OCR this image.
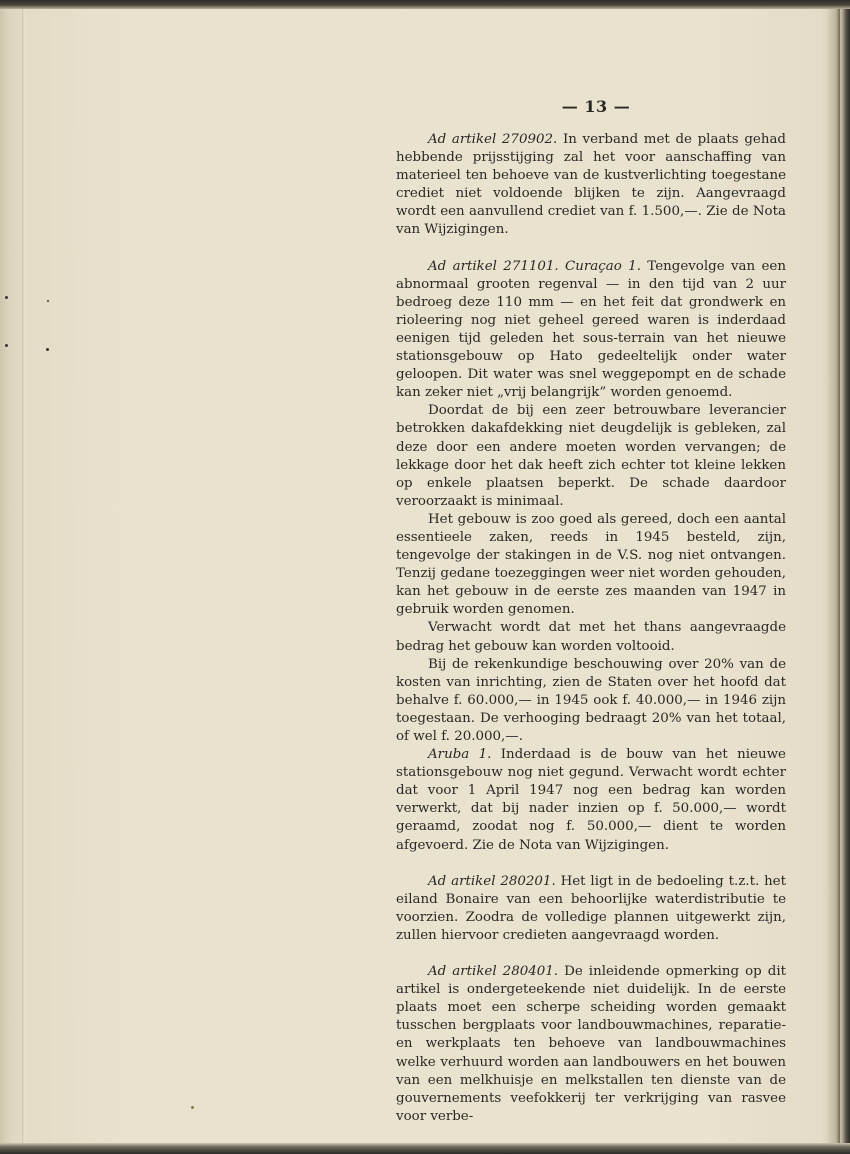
— 13 —

Ad artikel 270902. In verband met de plaats gehad hebbende prijsstijging zal het voor aanschaffing van materieel ten behoeve van de kustverlichting toegestane crediet niet voldoende blijken te zijn. Aangevraagd wordt een aanvullend crediet van f. 1.500,—. Zie de Nota van Wijzigingen.

Ad artikel 271101. Curaçao 1. Tengevolge van een abnormaal grooten regenval — in den tijd van 2 uur bedroeg deze 110 mm — en het feit dat grondwerk en rioleering nog niet geheel gereed waren is inderdaad eenigen tijd geleden het sous-terrain van het nieuwe stationsgebouw op Hato gedeeltelijk onder water geloopen. Dit water was snel weggepompt en de schade kan zeker niet „vrij belangrijk” worden genoemd.

Doordat de bij een zeer betrouwbare leverancier betrokken dakafdekking niet deugdelijk is gebleken, zal deze door een andere moeten worden vervangen; de lekkage door het dak heeft zich echter tot kleine lekken op enkele plaatsen beperkt. De schade daardoor veroorzaakt is minimaal.

Het gebouw is zoo goed als gereed, doch een aantal essentieele zaken, reeds in 1945 besteld, zijn, tengevolge der stakingen in de V.S. nog niet ontvangen. Tenzij gedane toezeggingen weer niet worden gehouden, kan het gebouw in de eerste zes maanden van 1947 in gebruik worden genomen.

Verwacht wordt dat met het thans aangevraagde bedrag het gebouw kan worden voltooid.

Bij de rekenkundige beschouwing over 20% van de kosten van inrichting, zien de Staten over het hoofd dat behalve f. 60.000,— in 1945 ook f. 40.000,— in 1946 zijn toegestaan. De verhooging bedraagt 20% van het totaal, of wel f. 20.000,—.

Aruba 1. Inderdaad is de bouw van het nieuwe stationsgebouw nog niet gegund. Verwacht wordt echter dat voor 1 April 1947 nog een bedrag kan worden verwerkt, dat bij nader inzien op f. 50.000,— wordt geraamd, zoodat nog f. 50.000,— dient te worden afgevoerd. Zie de Nota van Wijzigingen.

Ad artikel 280201. Het ligt in de bedoeling t.z.t. het eiland Bonaire van een behoorlijke waterdistributie te voorzien. Zoodra de volledige plannen uitgewerkt zijn, zullen hiervoor credieten aangevraagd worden.

Ad artikel 280401. De inleidende opmerking op dit artikel is ondergeteekende niet duidelijk. In de eerste plaats moet een scherpe scheiding worden gemaakt tusschen bergplaats voor landbouwmachines, reparatie- en werkplaats ten behoeve van landbouwmachines welke verhuurd worden aan landbouwers en het bouwen van een melkhuisje en melkstallen ten dienste van de gouvernements veefokkerij ter verkrijging van rasvee voor verbe-
